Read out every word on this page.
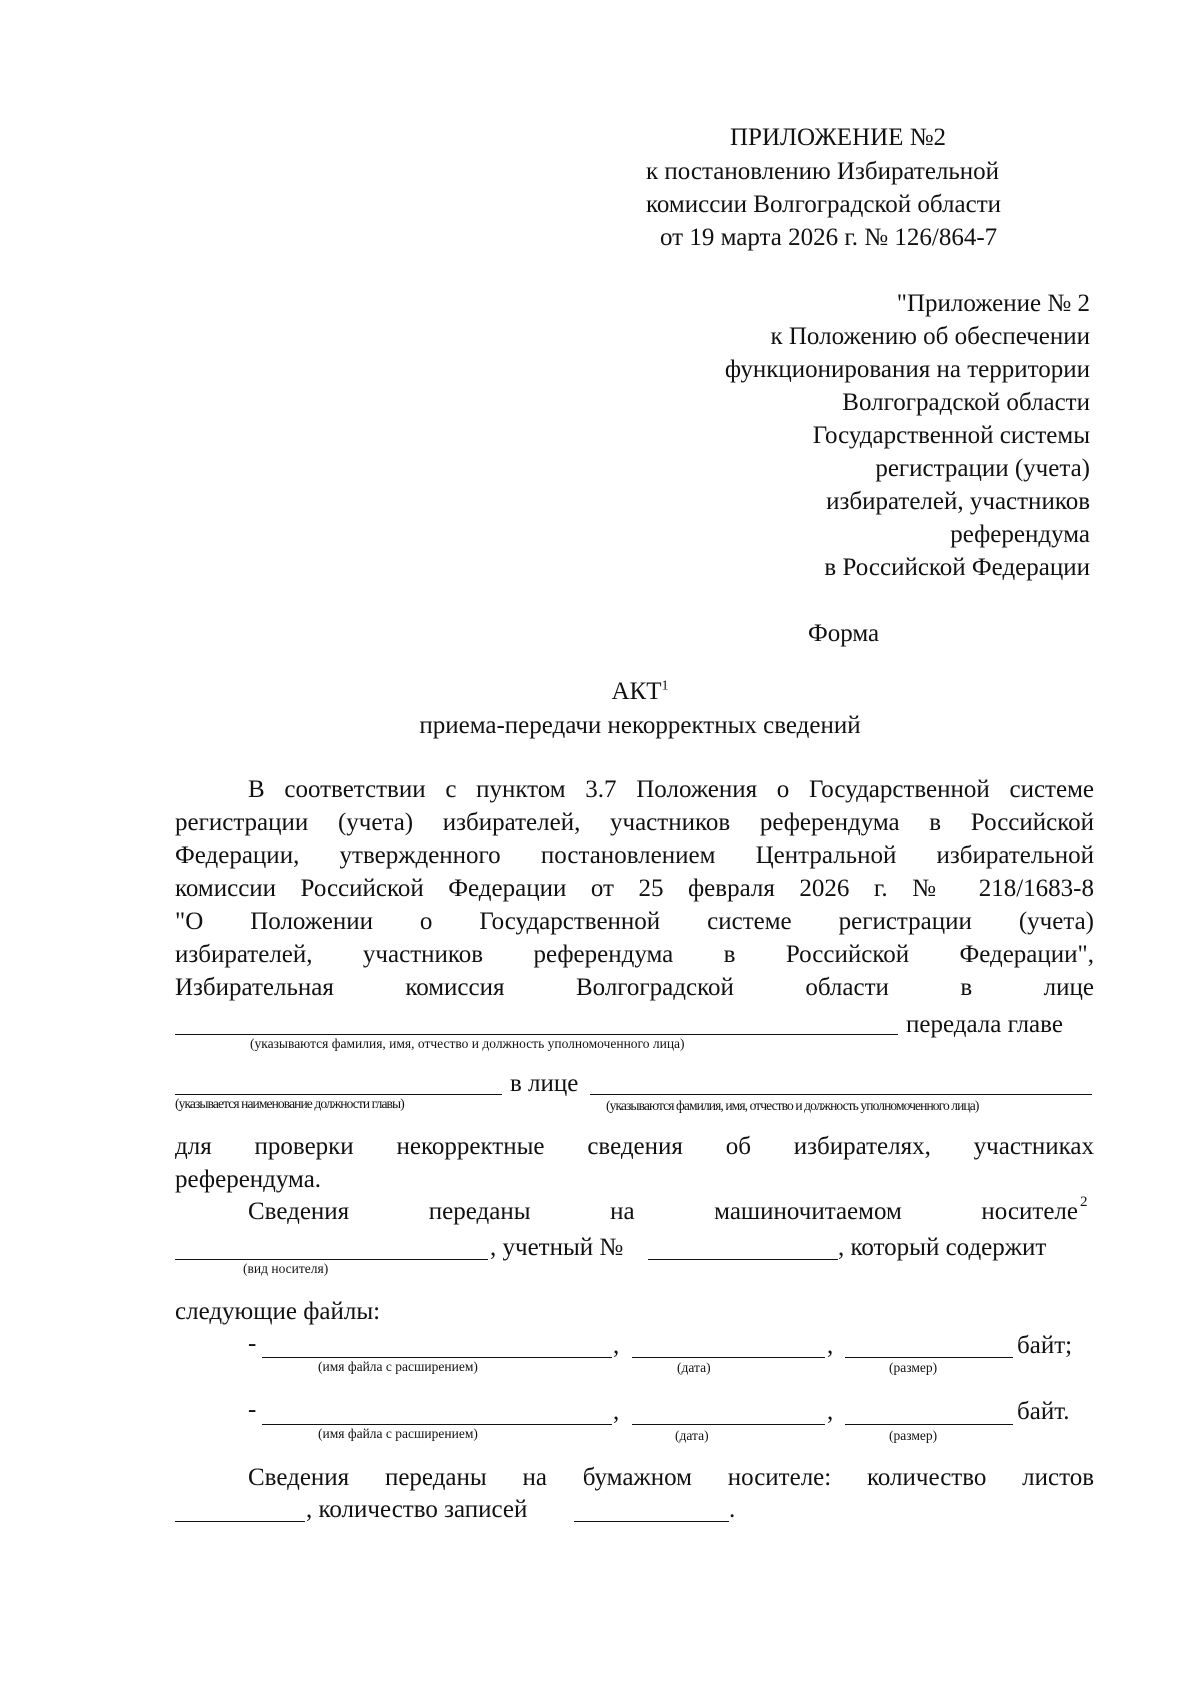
ПРИЛОЖЕНИЕ №2
к постановлению Избирательной
комиссии Волгоградской области
от 19 марта 2026 г. № 126/864-7
"Приложение № 2
к Положению об обеспечении
функционирования на территории
Волгоградской области
Государственной системы
регистрации (учета)
избирателей, участников
референдума
в Российской Федерации
Форма
АКТ$^1$
приема-передачи некорректных сведений
В соответствии с пунктом 3.7 Положения о Государственной системе
регистрации (учета) избирателей, участников референдума в Российской
Федерации, утвержденного постановлением Центральной избирательной
комиссии Российской Федерации от 25 февраля 2026 г. № 218/1683-8
"О Положении о Государственной системе регистрации (учета)
избирателей, участников референдума в Российской Федерации",
Избирательная комиссия Волгоградской области в лице
передала главе
(указываются фамилия, имя, отчество и должность уполномоченного лица)
в лице
(указывается наименование должности главы)	(указываются фамилия, имя, отчество и должность уполномоченного лица)
для проверки некорректные сведения об избирателях, участниках
референдума.
Сведения переданы на машиночитаемом носителе 2
, учетный №	, который содержит
(вид носителя)
следующие файлы:
-	,	,	байт;
(имя файла с расширением)	(дата)	(размер)
-	,	,	байт.
(имя файла с расширением)	(дата)	(размер)
Сведения переданы на бумажном носителе: количество листов
, количество записей	.
